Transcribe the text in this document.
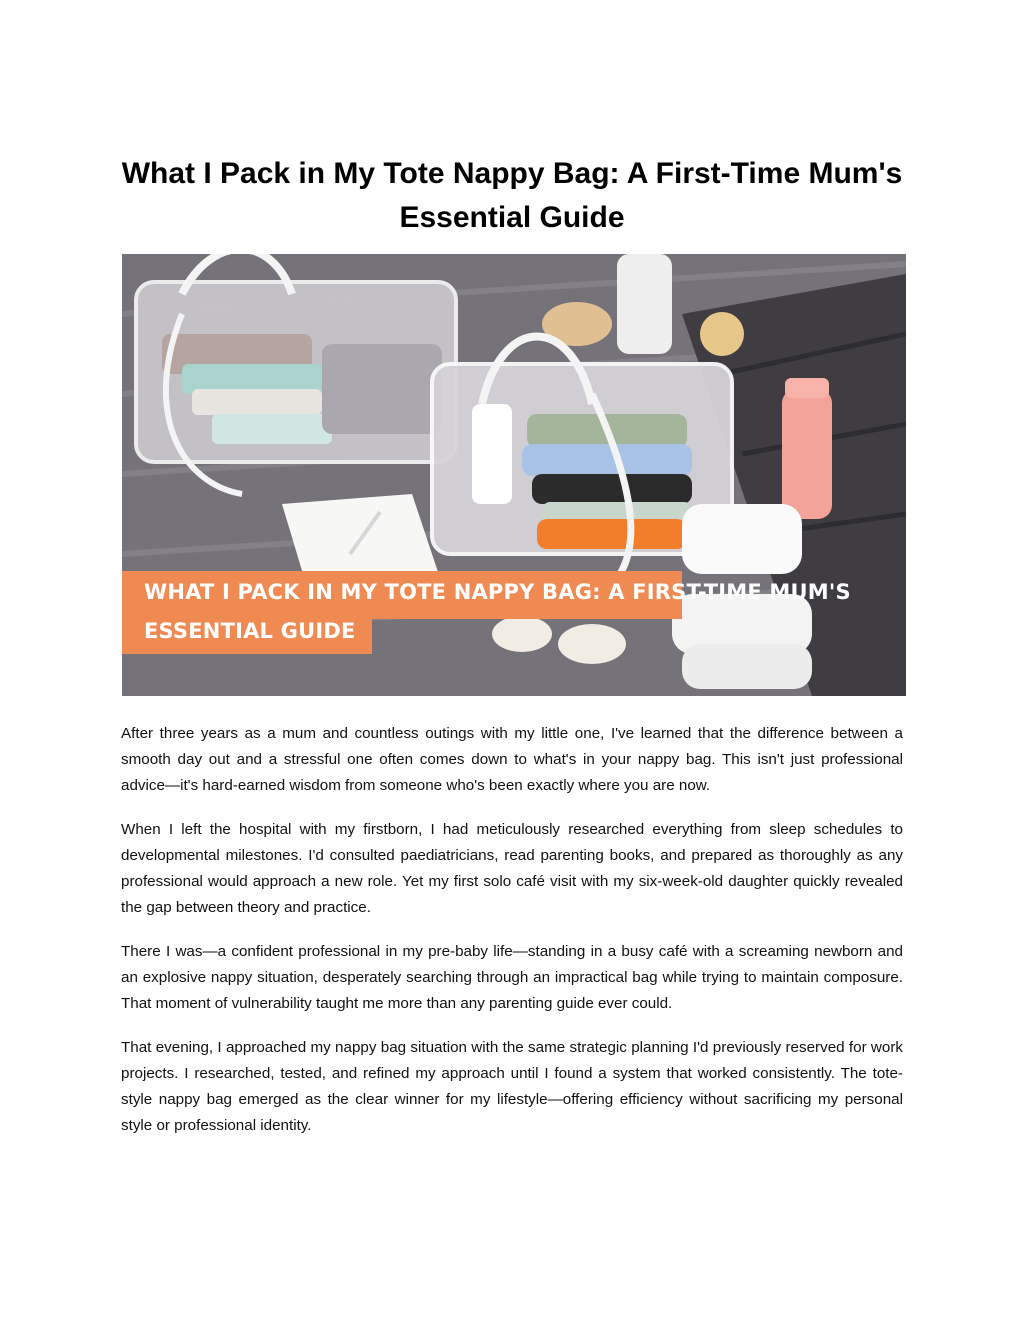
What I Pack in My Tote Nappy Bag: A First-Time Mum's Essential Guide
WHAT I PACK IN MY TOTE NAPPY BAG: A FIRST-TIME MUM'S
ESSENTIAL GUIDE

After three years as a mum and countless outings with my little one, I've learned that the difference between a smooth day out and a stressful one often comes down to what's in your nappy bag. This isn't just professional advice—it's hard-earned wisdom from someone who's been exactly where you are now.

When I left the hospital with my firstborn, I had meticulously researched everything from sleep schedules to developmental milestones. I'd consulted paediatricians, read parenting books, and prepared as thoroughly as any professional would approach a new role. Yet my first solo café visit with my six-week-old daughter quickly revealed the gap between theory and practice.

There I was—a confident professional in my pre-baby life—standing in a busy café with a screaming newborn and an explosive nappy situation, desperately searching through an impractical bag while trying to maintain composure. That moment of vulnerability taught me more than any parenting guide ever could.

That evening, I approached my nappy bag situation with the same strategic planning I'd previously reserved for work projects. I researched, tested, and refined my approach until I found a system that worked consistently. The tote-style nappy bag emerged as the clear winner for my lifestyle—offering efficiency without sacrificing my personal style or professional identity.
